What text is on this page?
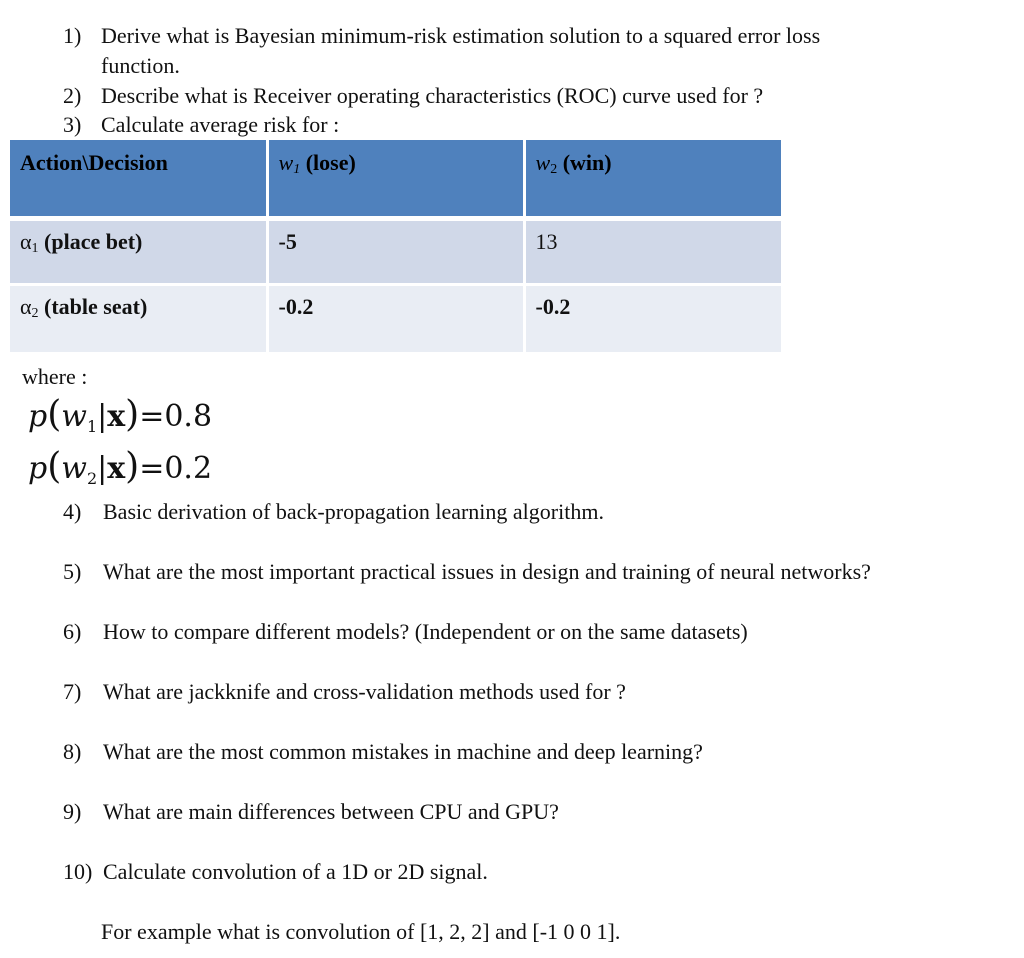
1) Derive what is Bayesian minimum-risk estimation solution to a squared error loss
function.
2) Describe what is Receiver operating characteristics (ROC) curve used for ?
3) Calculate average risk for :
Action\Decision	$w_1$ (lose)	$w_2$ (win)
$\alpha_1$ (place bet)	-5	13
$\alpha_2$ (table seat)	-0.2	-0.2
where :
$p(w_1|x)=0.8$
$p(w_2|x)=0.2$
4) Basic derivation of back-propagation learning algorithm.
5) What are the most important practical issues in design and training of neural networks?
6) How to compare different models? (Independent or on the same datasets)
7) What are jackknife and cross-validation methods used for ?
8) What are the most common mistakes in machine and deep learning?
9) What are main differences between CPU and GPU?
10) Calculate convolution of a 1D or 2D signal.
For example what is convolution of [1, 2, 2] and [-1 0 0 1].
